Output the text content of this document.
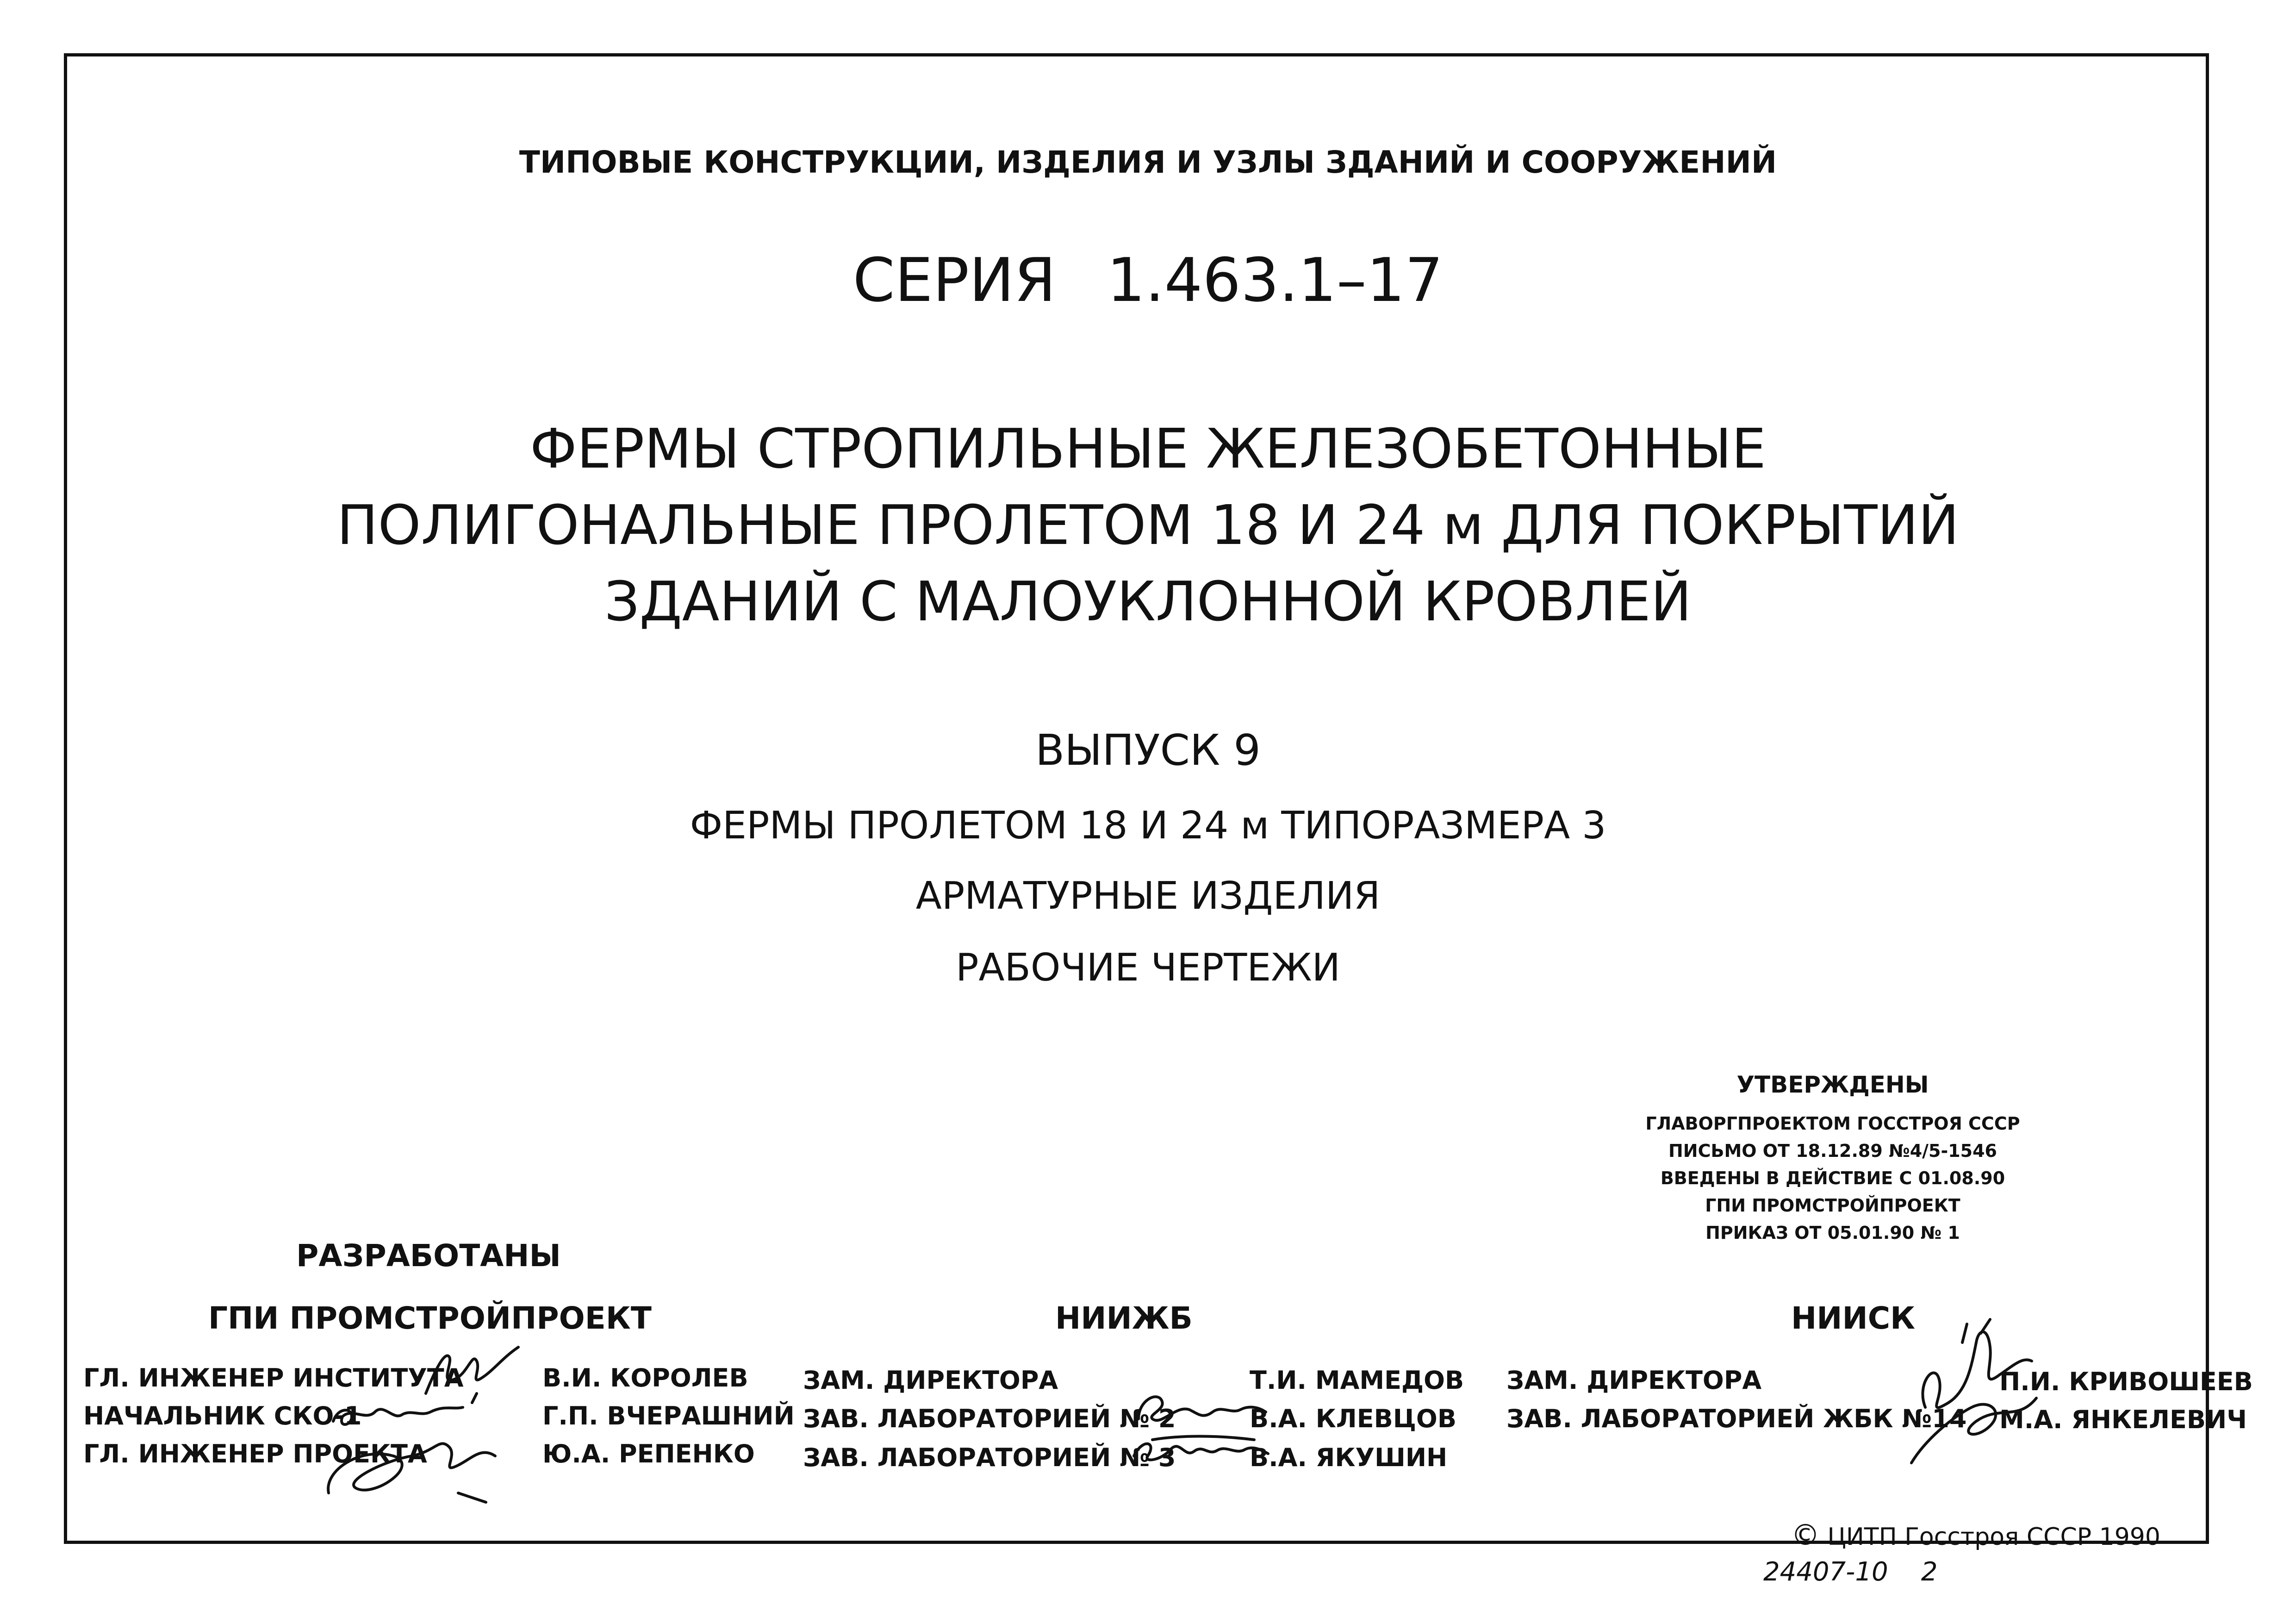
ТИПОВЫЕ КОНСТРУКЦИИ, ИЗДЕЛИЯ И УЗЛЫ ЗДАНИЙ И СООРУЖЕНИЙ
СЕРИЯ 1.463.1–17
ФЕРМЫ СТРОПИЛЬНЫЕ ЖЕЛЕЗОБЕТОННЫЕ
ПОЛИГОНАЛЬНЫЕ ПРОЛЕТОМ 18 И 24 м ДЛЯ ПОКРЫТИЙ
ЗДАНИЙ С МАЛОУКЛОННОЙ КРОВЛЕЙ
ВЫПУСК 9
ФЕРМЫ ПРОЛЕТОМ 18 И 24 м ТИПОРАЗМЕРА 3
АРМАТУРНЫЕ ИЗДЕЛИЯ
РАБОЧИЕ ЧЕРТЕЖИ
УТВЕРЖДЕНЫ
ГЛАВОРГПРОЕКТОМ ГОССТРОЯ СССР
ПИСЬМО ОТ 18.12.89 №4/5-1546
ВВЕДЕНЫ В ДЕЙСТВИЕ С 01.08.90
ГПИ ПРОМСТРОЙПРОЕКТ
ПРИКАЗ ОТ 05.01.90 № 1
РАЗРАБОТАНЫ
ГПИ ПРОМСТРОЙПРОЕКТ	НИИЖБ	НИИСК
ГЛ. ИНЖЕНЕР ИНСТИТУТА
НАЧАЛЬНИК СКО-1
ГЛ. ИНЖЕНЕР ПРОЕКТА
В.И. КОРОЛЕВ
Г.П. ВЧЕРАШНИЙ
Ю.А. РЕПЕНКО
ЗАМ. ДИРЕКТОРА
ЗАВ. ЛАБОРАТОРИЕЙ № 2
ЗАВ. ЛАБОРАТОРИЕЙ № 3
Т.И. МАМЕДОВ
В.А. КЛЕВЦОВ
В.А. ЯКУШИН
ЗАМ. ДИРЕКТОРА
ЗАВ. ЛАБОРАТОРИЕЙ ЖБК №14
П.И. КРИВОШЕЕВ
М.А. ЯНКЕЛЕВИЧ
© ЦИТП Госстроя СССР 1990
24407-10 2
